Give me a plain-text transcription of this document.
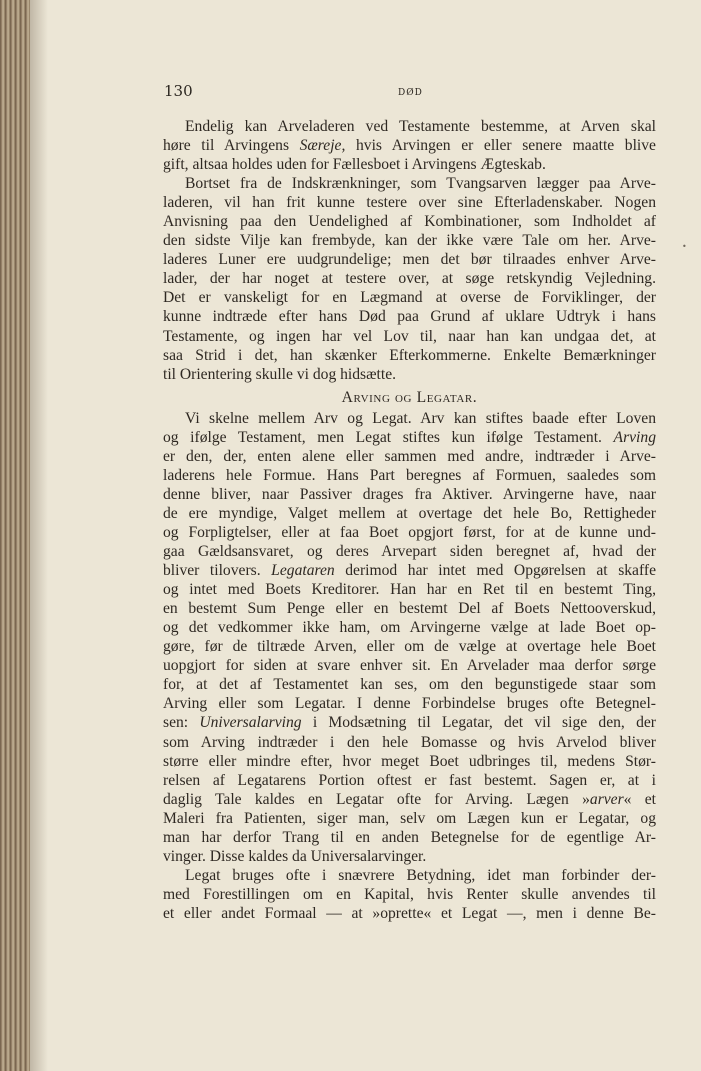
130	DØD
•
Endelig kan Arveladeren ved Testamente bestemme, at Arven skal
høre til Arvingens Særeje, hvis Arvingen er eller senere maatte blive
gift, altsaa holdes uden for Fællesboet i Arvingens Ægteskab.
Bortset fra de Indskrænkninger, som Tvangsarven lægger paa Arve-
laderen, vil han frit kunne testere over sine Efterladenskaber. Nogen
Anvisning paa den Uendelighed af Kombinationer, som Indholdet af
den sidste Vilje kan frembyde, kan der ikke være Tale om her. Arve-
laderes Luner ere uudgrundelige; men det bør tilraades enhver Arve-
lader, der har noget at testere over, at søge retskyndig Vejledning.
Det er vanskeligt for en Lægmand at overse de Forviklinger, der
kunne indtræde efter hans Død paa Grund af uklare Udtryk i hans
Testamente, og ingen har vel Lov til, naar han kan undgaa det, at
saa Strid i det, han skænker Efterkommerne. Enkelte Bemærkninger
til Orientering skulle vi dog hidsætte.
Arving og Legatar.
Vi skelne mellem Arv og Legat. Arv kan stiftes baade efter Loven
og ifølge Testament, men Legat stiftes kun ifølge Testament. Arving
er den, der, enten alene eller sammen med andre, indtræder i Arve-
laderens hele Formue. Hans Part beregnes af Formuen, saaledes som
denne bliver, naar Passiver drages fra Aktiver. Arvingerne have, naar
de ere myndige, Valget mellem at overtage det hele Bo, Rettigheder
og Forpligtelser, eller at faa Boet opgjort først, for at de kunne und-
gaa Gældsansvaret, og deres Arvepart siden beregnet af, hvad der
bliver tilovers. Legataren derimod har intet med Opgørelsen at skaffe
og intet med Boets Kreditorer. Han har en Ret til en bestemt Ting,
en bestemt Sum Penge eller en bestemt Del af Boets Nettooverskud,
og det vedkommer ikke ham, om Arvingerne vælge at lade Boet op-
gøre, før de tiltræde Arven, eller om de vælge at overtage hele Boet
uopgjort for siden at svare enhver sit. En Arvelader maa derfor sørge
for, at det af Testamentet kan ses, om den begunstigede staar som
Arving eller som Legatar. I denne Forbindelse bruges ofte Betegnel-
sen: Universalarving i Modsætning til Legatar, det vil sige den, der
som Arving indtræder i den hele Bomasse og hvis Arvelod bliver
større eller mindre efter, hvor meget Boet udbringes til, medens Stør-
relsen af Legatarens Portion oftest er fast bestemt. Sagen er, at i
daglig Tale kaldes en Legatar ofte for Arving. Lægen »arver« et
Maleri fra Patienten, siger man, selv om Lægen kun er Legatar, og
man har derfor Trang til en anden Betegnelse for de egentlige Ar-
vinger. Disse kaldes da Universalarvinger.
Legat bruges ofte i snævrere Betydning, idet man forbinder der-
med Forestillingen om en Kapital, hvis Renter skulle anvendes til
et eller andet Formaal — at »oprette« et Legat —, men i denne Be-
